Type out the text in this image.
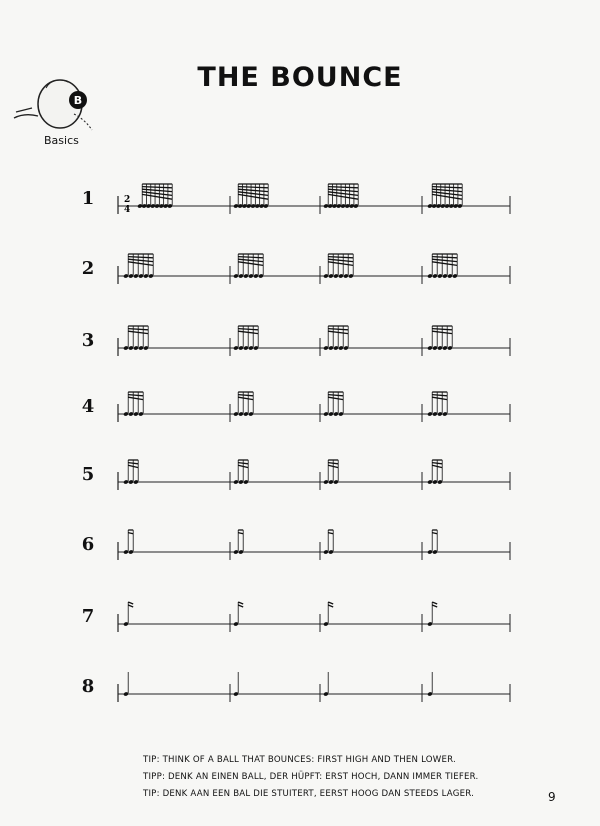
THE BOUNCE
B
Basics
1	2
4
2
3
4
5
6
7
8
TIP: THINK OF A BALL THAT BOUNCES: FIRST HIGH AND THEN LOWER.
TIPP: DENK AN EINEN BALL, DER HÜPFT: ERST HOCH, DANN IMMER TIEFER.
TIP: DENK AAN EEN BAL DIE STUITERT, EERST HOOG DAN STEEDS LAGER.	9
